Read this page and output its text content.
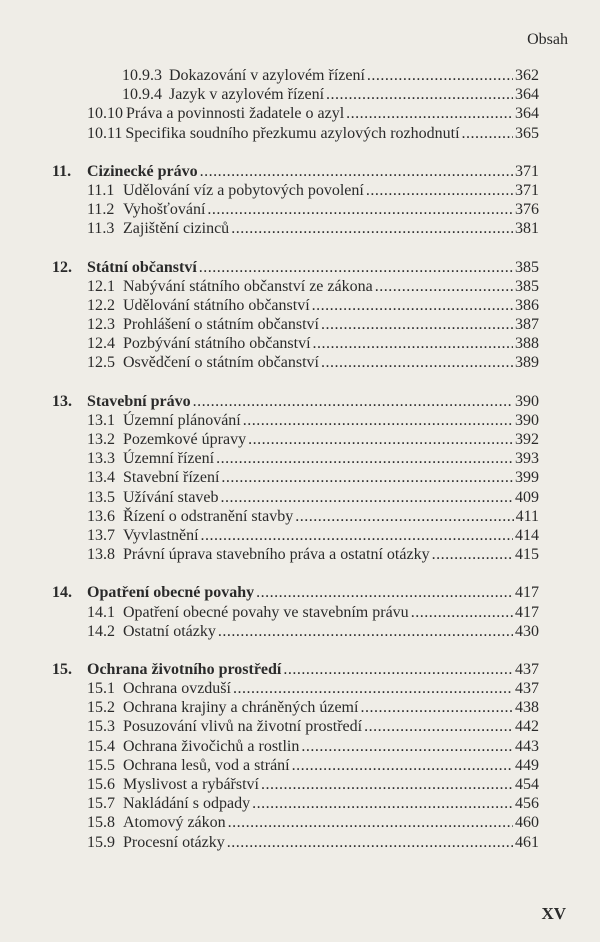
Obsah
10.9.3 Dokazování v azylovém řízení .....	362
10.9.4 Jazyk v azylovém řízení .....	364
10.10 Práva a povinnosti žadatele o azyl .....	364
10.11 Specifika soudního přezkumu azylových rozhodnutí .....	365
11. Cizinecké právo .....	371
11.1 Udělování víz a pobytových povolení .....	371
11.2 Vyhošťování .....	376
11.3 Zajištění cizinců .....	381
12. Státní občanství .....	385
12.1 Nabývání státního občanství ze zákona .....	385
12.2 Udělování státního občanství .....	386
12.3 Prohlášení o státním občanství .....	387
12.4 Pozbývání státního občanství .....	388
12.5 Osvědčení o státním občanství .....	389
13. Stavební právo .....	390
13.1 Územní plánování .....	390
13.2 Pozemkové úpravy .....	392
13.3 Územní řízení .....	393
13.4 Stavební řízení .....	399
13.5 Užívání staveb .....	409
13.6 Řízení o odstranění stavby .....	411
13.7 Vyvlastnění .....	414
13.8 Právní úprava stavebního práva a ostatní otázky .....	415
14. Opatření obecné povahy .....	417
14.1 Opatření obecné povahy ve stavebním právu .....	417
14.2 Ostatní otázky .....	430
15. Ochrana životního prostředí .....	437
15.1 Ochrana ovzduší .....	437
15.2 Ochrana krajiny a chráněných území .....	438
15.3 Posuzování vlivů na životní prostředí .....	442
15.4 Ochrana živočichů a rostlin .....	443
15.5 Ochrana lesů, vod a strání .....	449
15.6 Myslivost a rybářství .....	454
15.7 Nakládání s odpady .....	456
15.8 Atomový zákon .....	460
15.9 Procesní otázky .....	461
XV
